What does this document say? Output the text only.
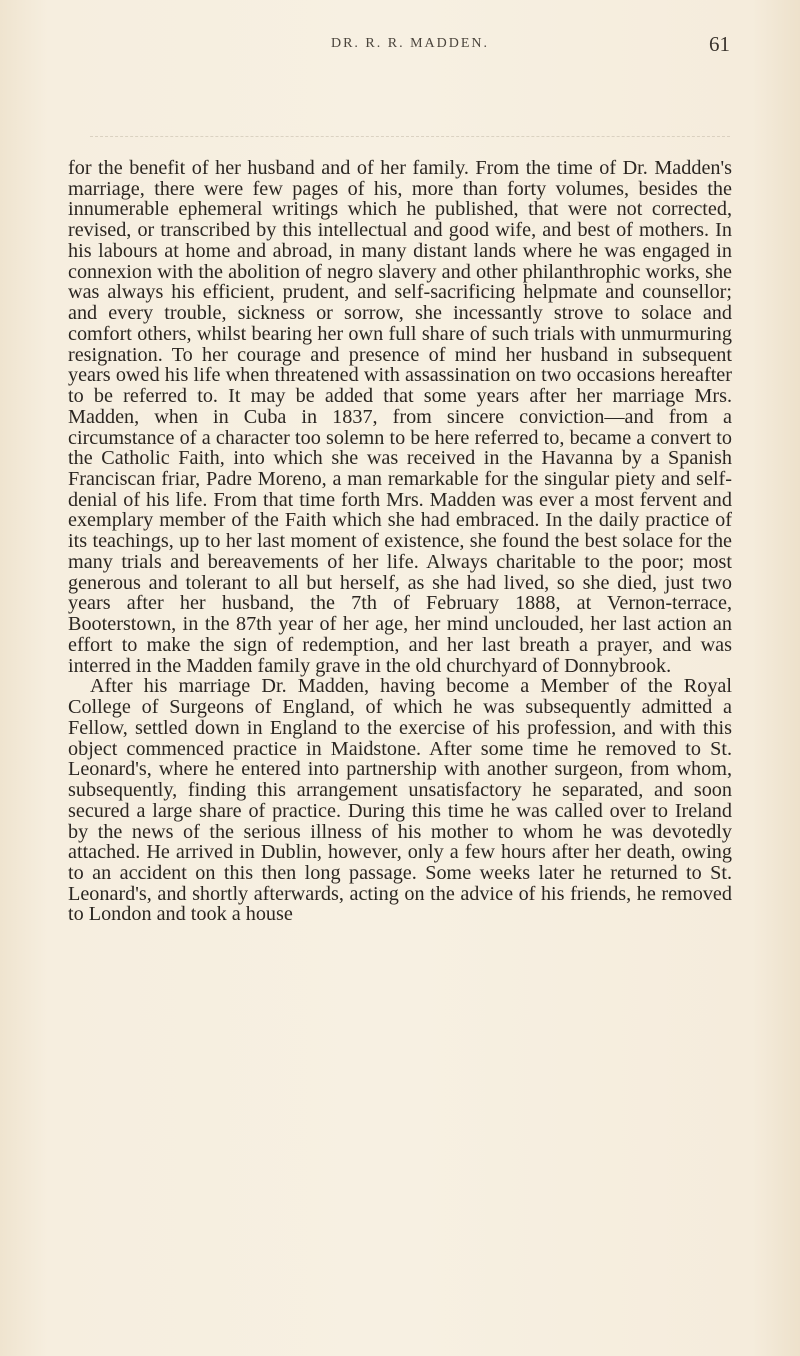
DR. R. R. MADDEN.	61

for the benefit of her husband and of her family. From the time of Dr. Madden's marriage, there were few pages of his, more than forty volumes, besides the innumerable ephemeral writings which he published, that were not corrected, revised, or transcribed by this intellectual and good wife, and best of mothers. In his labours at home and abroad, in many distant lands where he was engaged in connexion with the abolition of negro slavery and other philanthrophic works, she was always his efficient, prudent, and self-sacrificing helpmate and counsellor; and every trouble, sickness or sorrow, she incessantly strove to solace and comfort others, whilst bearing her own full share of such trials with unmurmuring resignation. To her courage and presence of mind her husband in subsequent years owed his life when threatened with assassination on two occasions hereafter to be referred to. It may be added that some years after her marriage Mrs. Madden, when in Cuba in 1837, from sincere conviction—and from a circumstance of a character too solemn to be here referred to, became a convert to the Catholic Faith, into which she was received in the Havanna by a Spanish Franciscan friar, Padre Moreno, a man remarkable for the singular piety and self-denial of his life. From that time forth Mrs. Madden was ever a most fervent and exemplary member of the Faith which she had embraced. In the daily practice of its teachings, up to her last moment of existence, she found the best solace for the many trials and bereavements of her life. Always charitable to the poor; most generous and tolerant to all but herself, as she had lived, so she died, just two years after her husband, the 7th of February 1888, at Vernon-terrace, Booterstown, in the 87th year of her age, her mind unclouded, her last action an effort to make the sign of redemption, and her last breath a prayer, and was interred in the Madden family grave in the old churchyard of Donnybrook.

After his marriage Dr. Madden, having become a Member of the Royal College of Surgeons of England, of which he was subsequently admitted a Fellow, settled down in England to the exercise of his profession, and with this object commenced practice in Maidstone. After some time he removed to St. Leonard's, where he entered into partnership with another surgeon, from whom, subsequently, finding this arrangement unsatisfactory he separated, and soon secured a large share of practice. During this time he was called over to Ireland by the news of the serious illness of his mother to whom he was devotedly attached. He arrived in Dublin, however, only a few hours after her death, owing to an accident on this then long passage. Some weeks later he returned to St. Leonard's, and shortly afterwards, acting on the advice of his friends, he removed to London and took a house
